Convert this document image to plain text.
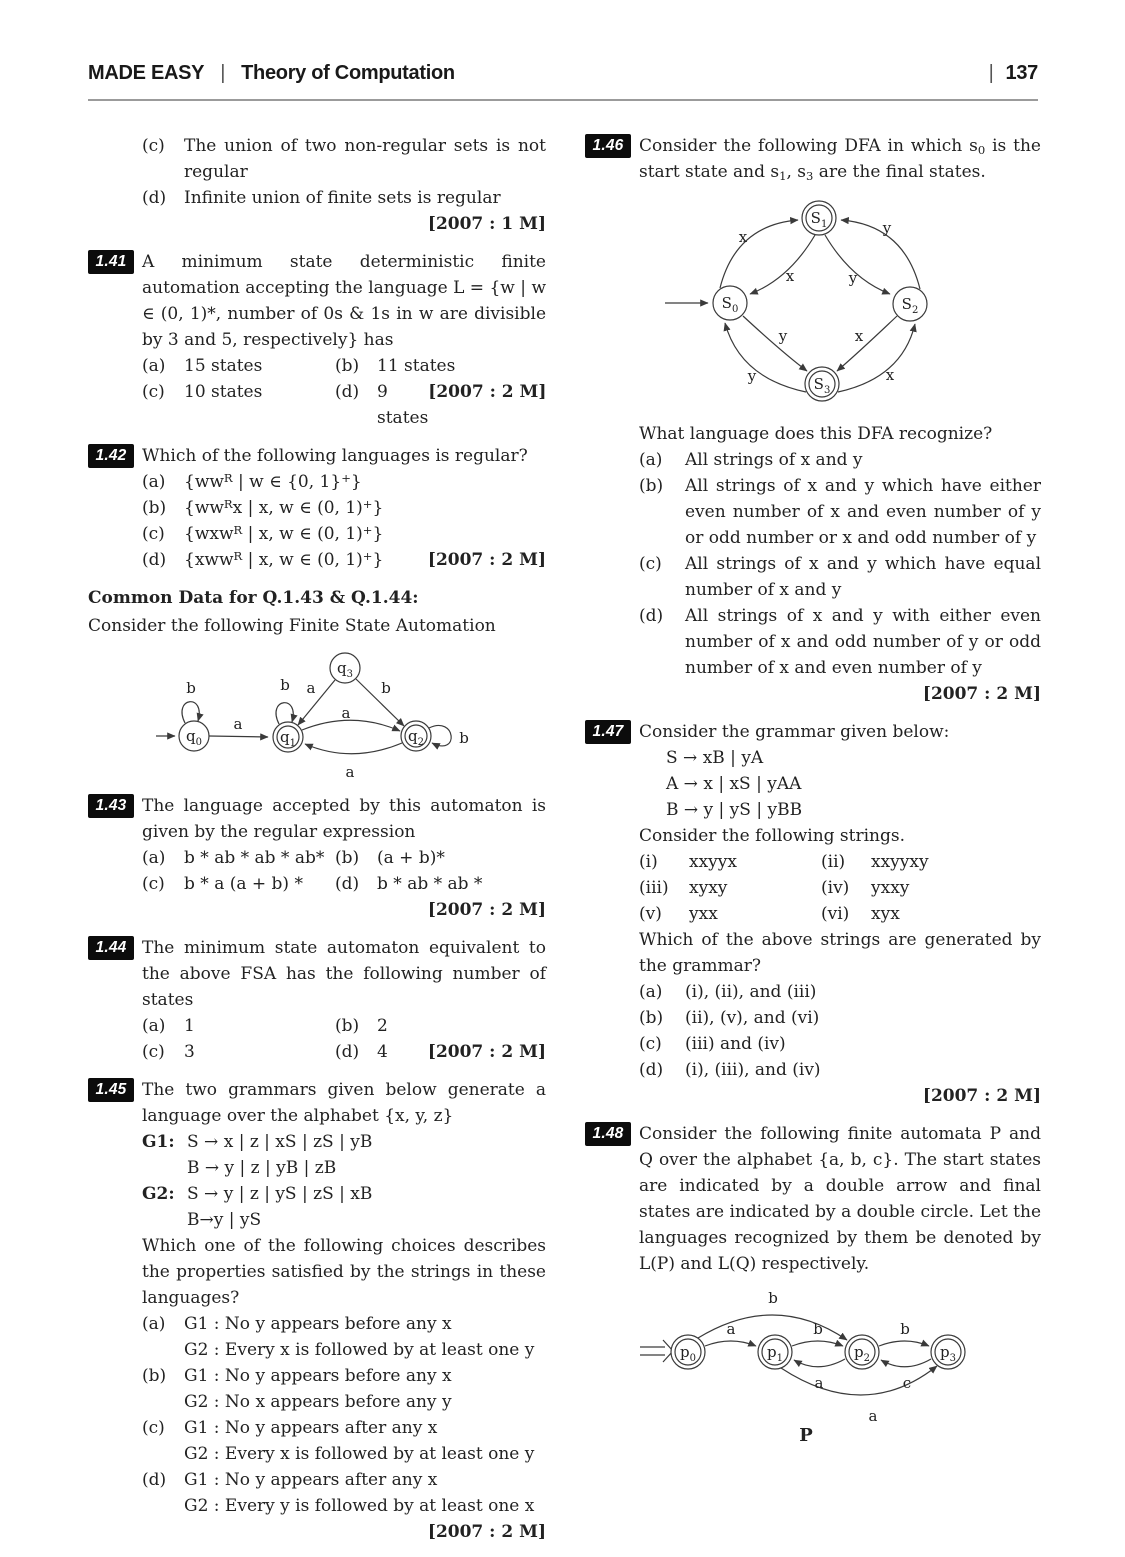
MADE EASY | Theory of Computation	| 137
(c)	The union of two non-regular sets is not regular
(d)	Infinite union of finite sets is regular
[2007 : 1 M]
1.41 A minimum state deterministic finite automation accepting the language L = {w | w ∈ (0, 1)*, number of 0s & 1s in w are divisible by 3 and 5, respectively} has
(a)	15 states	(b)	11 states
(c)	10 states	(d)	9 states
[2007 : 2 M]
1.42 Which of the following languages is regular?
(a)	{$ww^R$ | w ∈ {0, 1}+}
(b)	{$ww^Rx$ | x, w ∈ (0, 1)+}
(c)	{wxw$^R$ | x, w ∈ (0, 1)+}
(d)	{xww$^R$ | x, w ∈ (0, 1)+}	[2007 : 2 M]
Common Data for Q.1.43 & Q.1.44:
Consider the following Finite State Automation
$q_0$	$q_1$	$q_2$
$q_3$
b
a
b a	b
a
a
b
1.43 The language accepted by this automaton is given by the regular expression
(a)	b * ab * ab * ab* (b)	(a + b)*
(c)	b * a (a + b) *	(d)	b * ab * ab *
[2007 : 2 M]
1.44 The minimum state automaton equivalent to the above FSA has the following number of states
(a)	1	(b)	2
(c)	3	(d)	4	[2007 : 2 M]
1.45 The two grammars given below generate a language over the alphabet {x, y, z}
G1: S → x | z | xS | zS | yB
B → y | z | yB | zB
G2: S → y | z | yS | zS | xB
B→y | yS
Which one of the following choices describes the properties satisfied by the strings in these languages?
(a)	G1 : No y appears before any x
G2 : Every x is followed by at least one y
(b)	G1 : No y appears before any x
G2 : No x appears before any y
(c)	G1 : No y appears after any x
G2 : Every x is followed by at least one y
(d)	G1 : No y appears after any x
G2 : Every y is followed by at least one x
[2007 : 2 M]
1.46 Consider the following DFA in which $s_0$ is the start state and $s_1$, $s_3$ are the final states.
$S_0$
$S_1$
$S_2$
$S_3$
x
x
y
y
y
y
x
x
What language does this DFA recognize?
(a)	All strings of x and y
(b)	All strings of x and y which have either even number of x and even number of y or odd number or x and odd number of y
(c)	All strings of x and y which have equal number of x and y
(d)	All strings of x and y with either even number of x and odd number of y or odd number of x and even number of y
[2007 : 2 M]
1.47 Consider the grammar given below:
S → xB | yA
A → x | xS | yAA
B → y | yS | yBB
Consider the following strings.
(i)	xxyyx	(ii)	xxyyxy
(iii)	xyxy	(iv)	yxxy
(v)	yxx	(vi)	xyx
Which of the above strings are generated by the grammar?
(a)	(i), (ii), and (iii)
(b)	(ii), (v), and (vi)
(c)	(iii) and (iv)
(d)	(i), (iii), and (iv)
[2007 : 2 M]
1.48 Consider the following finite automata P and Q over the alphabet {a, b, c}. The start states are indicated by a double arrow and final states are indicated by a double circle. Let the languages recognized by them be denoted by L(P) and L(Q) respectively.
$p_0$	$p_1$	$p_2$	$p_3$
a
b
b
a
b
c
a
P
